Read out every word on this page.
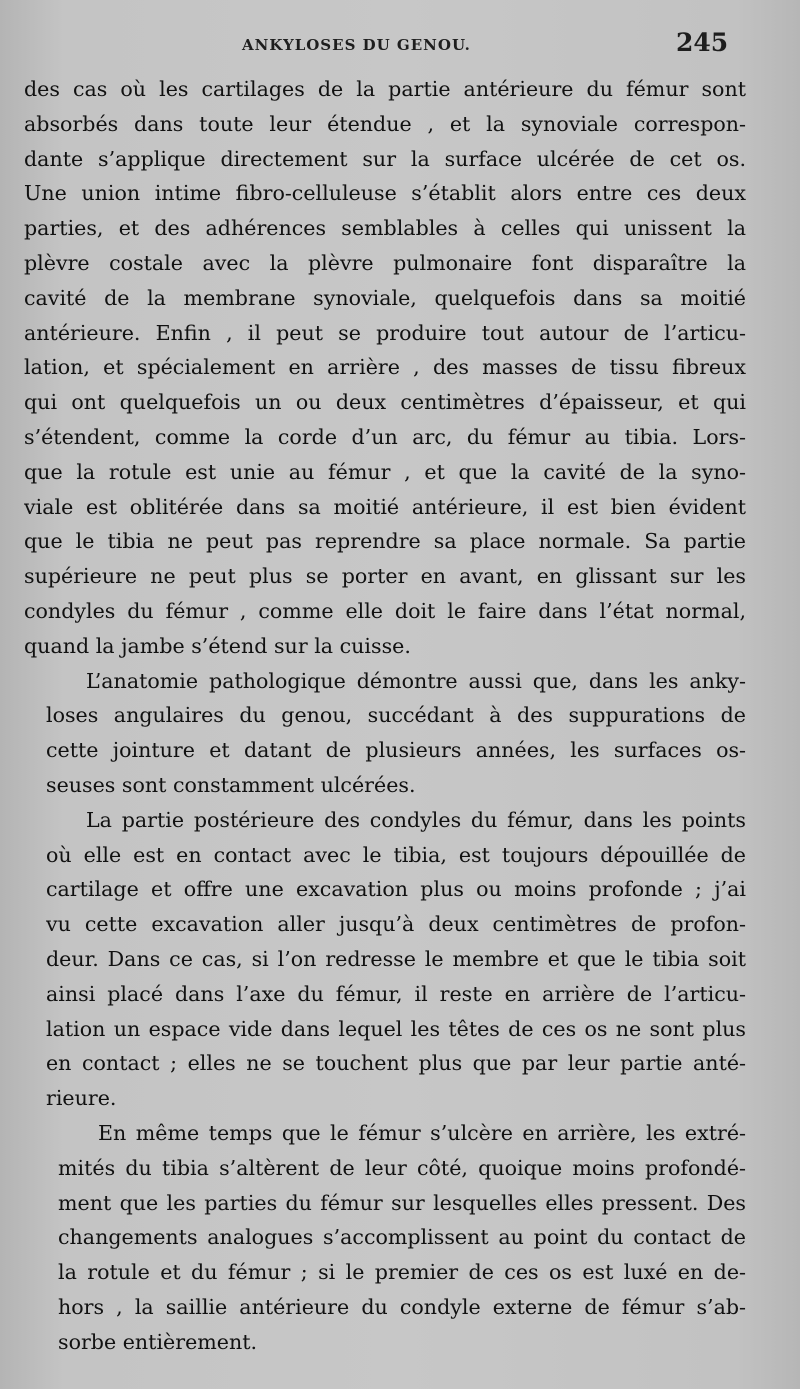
ANKYLOSES DU GENOU.	245
des cas où les cartilages de la partie antérieure du fémur sont
absorbés dans toute leur étendue , et la synoviale correspon-
dante s’applique directement sur la surface ulcérée de cet os.
Une union intime fibro-celluleuse s’établit alors entre ces deux
parties, et des adhérences semblables à celles qui unissent la
plèvre costale avec la plèvre pulmonaire font disparaître la
cavité de la membrane synoviale, quelquefois dans sa moitié
antérieure. Enfin , il peut se produire tout autour de l’articu-
lation, et spécialement en arrière , des masses de tissu fibreux
qui ont quelquefois un ou deux centimètres d’épaisseur, et qui
s’étendent, comme la corde d’un arc, du fémur au tibia. Lors-
que la rotule est unie au fémur , et que la cavité de la syno-
viale est oblitérée dans sa moitié antérieure, il est bien évident
que le tibia ne peut pas reprendre sa place normale. Sa partie
supérieure ne peut plus se porter en avant, en glissant sur les
condyles du fémur , comme elle doit le faire dans l’état normal,
quand la jambe s’étend sur la cuisse.
L’anatomie pathologique démontre aussi que, dans les anky-
loses angulaires du genou, succédant à des suppurations de
cette jointure et datant de plusieurs années, les surfaces os-
seuses sont constamment ulcérées.
La partie postérieure des condyles du fémur, dans les points
où elle est en contact avec le tibia, est toujours dépouillée de
cartilage et offre une excavation plus ou moins profonde ; j’ai
vu cette excavation aller jusqu’à deux centimètres de profon-
deur. Dans ce cas, si l’on redresse le membre et que le tibia soit
ainsi placé dans l’axe du fémur, il reste en arrière de l’articu-
lation un espace vide dans lequel les têtes de ces os ne sont plus
en contact ; elles ne se touchent plus que par leur partie anté-
rieure.
En même temps que le fémur s’ulcère en arrière, les extré-
mités du tibia s’altèrent de leur côté, quoique moins profondé-
ment que les parties du fémur sur lesquelles elles pressent. Des
changements analogues s’accomplissent au point du contact de
la rotule et du fémur ; si le premier de ces os est luxé en de-
hors , la saillie antérieure du condyle externe de fémur s’ab-
sorbe entièrement.
